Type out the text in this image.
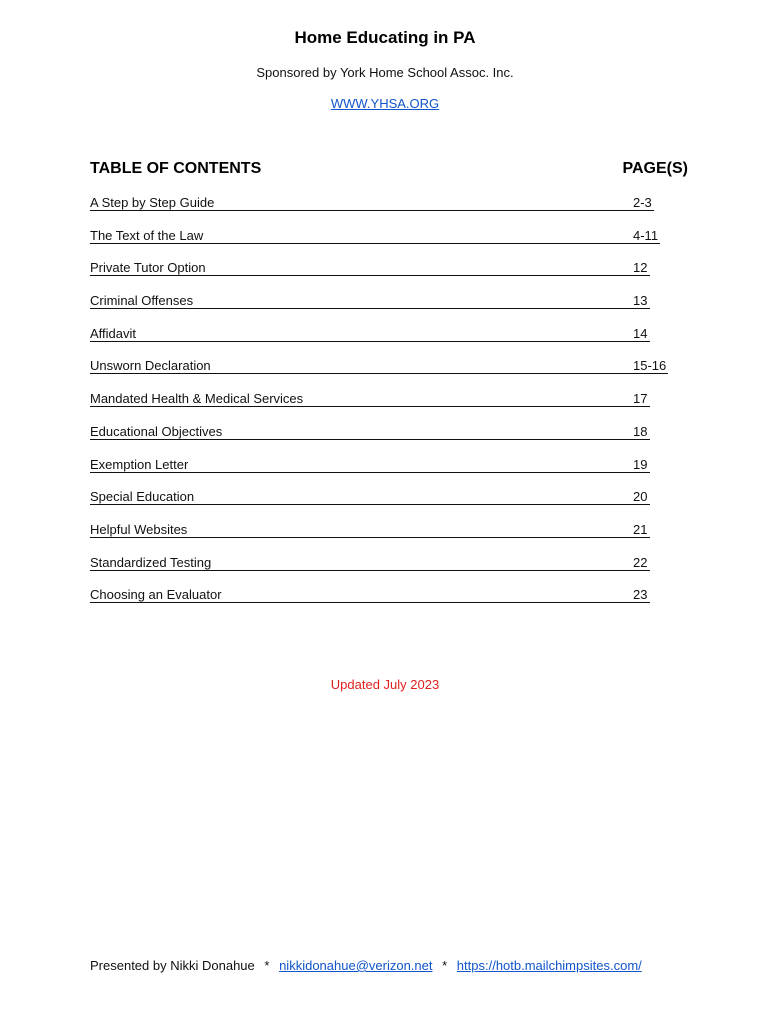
Home Educating in PA
Sponsored by York Home School Assoc. Inc.
WWW.YHSA.ORG
TABLE OF CONTENTS	PAGE(S)
A Step by Step Guide	2-3
The Text of the Law	4-11
Private Tutor Option	12
Criminal Offenses	13
Affidavit	14
Unsworn Declaration	15-16
Mandated Health & Medical Services	17
Educational Objectives	18
Exemption Letter	19
Special Education	20
Helpful Websites	21
Standardized Testing	22
Choosing an Evaluator	23
Updated July 2023
Presented by Nikki Donahue * nikkidonahue@verizon.net * https://hotb.mailchimpsites.com/
